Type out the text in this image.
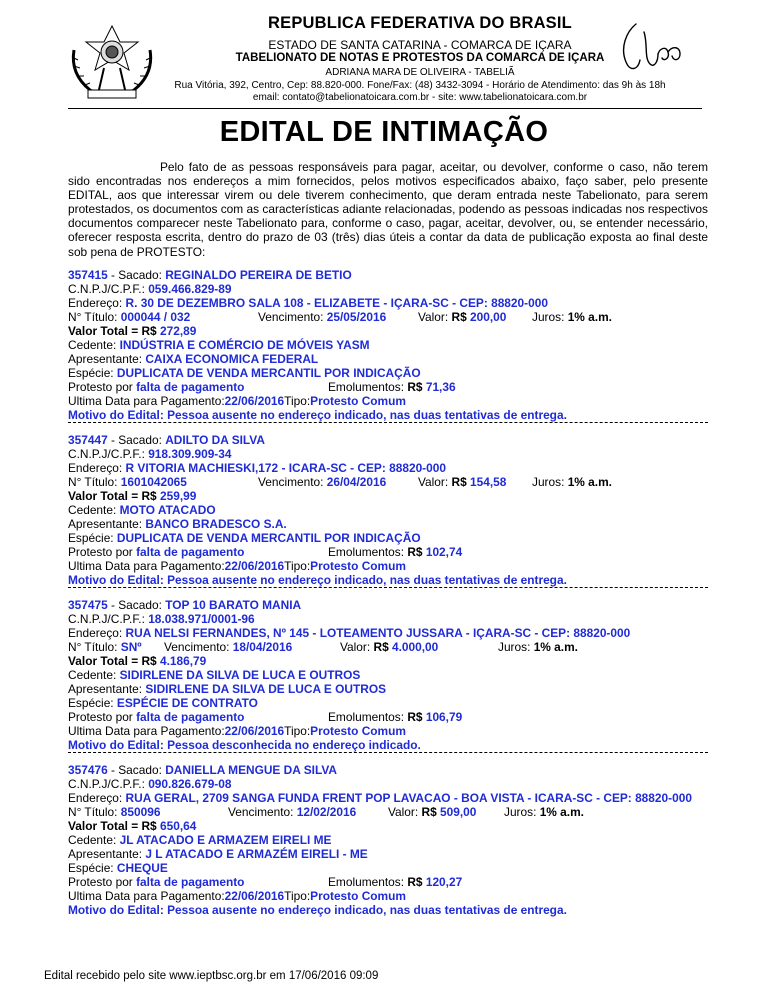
REPUBLICA FEDERATIVA DO BRASIL
ESTADO DE SANTA CATARINA - COMARCA DE IÇARA
TABELIONATO DE NOTAS E PROTESTOS DA COMARCA DE IÇARA
ADRIANA MARA DE OLIVEIRA - TABELIÃ
Rua Vitória, 392, Centro, Cep: 88.820-000. Fone/Fax: (48) 3432-3094 - Horário de Atendimento: das 9h às 18h
email: contato@tabelionatoicara.com.br - site: www.tabelionatoicara.com.br
EDITAL DE INTIMAÇÃO
Pelo fato de as pessoas responsáveis para pagar, aceitar, ou devolver, conforme o caso, não terem sido encontradas nos endereços a mim fornecidos, pelos motivos especificados abaixo, faço saber, pelo presente EDITAL, aos que interessar virem ou dele tiverem conhecimento, que deram entrada neste Tabelionato, para serem protestados, os documentos com as características adiante relacionadas, podendo as pessoas indicadas nos respectivos documentos comparecer neste Tabelionato para, conforme o caso, pagar, aceitar, devolver, ou, se entender necessário, oferecer resposta escrita, dentro do prazo de 03 (três) dias úteis a contar da data de publicação exposta ao final deste sob pena de PROTESTO:
357415 - Sacado: REGINALDO PEREIRA DE BETIO
C.N.P.J/C.P.F.: 059.466.829-89
Endereço: R. 30 DE DEZEMBRO SALA 108 - ELIZABETE - IÇARA-SC - CEP: 88820-000
N° Título: 000044 / 032	Vencimento: 25/05/2016	Valor: R$ 200,00 Juros: 1% a.m.
Valor Total = R$ 272,89
Cedente: INDÚSTRIA E COMÉRCIO DE MÓVEIS YASM
Apresentante: CAIXA ECONOMICA FEDERAL
Espécie: DUPLICATA DE VENDA MERCANTIL POR INDICAÇÃO
Protesto por falta de pagamento	Emolumentos: R$ 71,36
Ultima Data para Pagamento:22/06/2016Tipo:Protesto Comum
Motivo do Edital: Pessoa ausente no endereço indicado, nas duas tentativas de entrega.
357447 - Sacado: ADILTO DA SILVA
C.N.P.J/C.P.F.: 918.309.909-34
Endereço: R VITORIA MACHIESKI,172 - ICARA-SC - CEP: 88820-000
N° Título: 1601042065	Vencimento: 26/04/2016	Valor: R$ 154,58 Juros: 1% a.m.
Valor Total = R$ 259,99
Cedente: MOTO ATACADO
Apresentante: BANCO BRADESCO S.A.
Espécie: DUPLICATA DE VENDA MERCANTIL POR INDICAÇÃO
Protesto por falta de pagamento	Emolumentos: R$ 102,74
Ultima Data para Pagamento:22/06/2016Tipo:Protesto Comum
Motivo do Edital: Pessoa ausente no endereço indicado, nas duas tentativas de entrega.
357475 - Sacado: TOP 10 BARATO MANIA
C.N.P.J/C.P.F.: 18.038.971/0001-96
Endereço: RUA NELSI FERNANDES, Nº 145 - LOTEAMENTO JUSSARA - IÇARA-SC - CEP: 88820-000
N° Título: SNº Vencimento: 18/04/2016	Valor: R$ 4.000,00	Juros: 1% a.m.
Valor Total = R$ 4.186,79
Cedente: SIDIRLENE DA SILVA DE LUCA E OUTROS
Apresentante: SIDIRLENE DA SILVA DE LUCA E OUTROS
Espécie: ESPÉCIE DE CONTRATO
Protesto por falta de pagamento	Emolumentos: R$ 106,79
Ultima Data para Pagamento:22/06/2016Tipo:Protesto Comum
Motivo do Edital: Pessoa desconhecida no endereço indicado.
357476 - Sacado: DANIELLA MENGUE DA SILVA
C.N.P.J/C.P.F.: 090.826.679-08
Endereço: RUA GERAL, 2709 SANGA FUNDA FRENT POP LAVACAO - BOA VISTA - ICARA-SC - CEP: 88820-000
N° Título: 850096	Vencimento: 12/02/2016	Valor: R$ 509,00 Juros: 1% a.m.
Valor Total = R$ 650,64
Cedente: JL ATACADO E ARMAZEM EIRELI ME
Apresentante: J L ATACADO E ARMAZÉM EIRELI - ME
Espécie: CHEQUE
Protesto por falta de pagamento	Emolumentos: R$ 120,27
Ultima Data para Pagamento:22/06/2016Tipo:Protesto Comum
Motivo do Edital: Pessoa ausente no endereço indicado, nas duas tentativas de entrega.
Edital recebido pelo site www.ieptbsc.org.br em 17/06/2016 09:09
